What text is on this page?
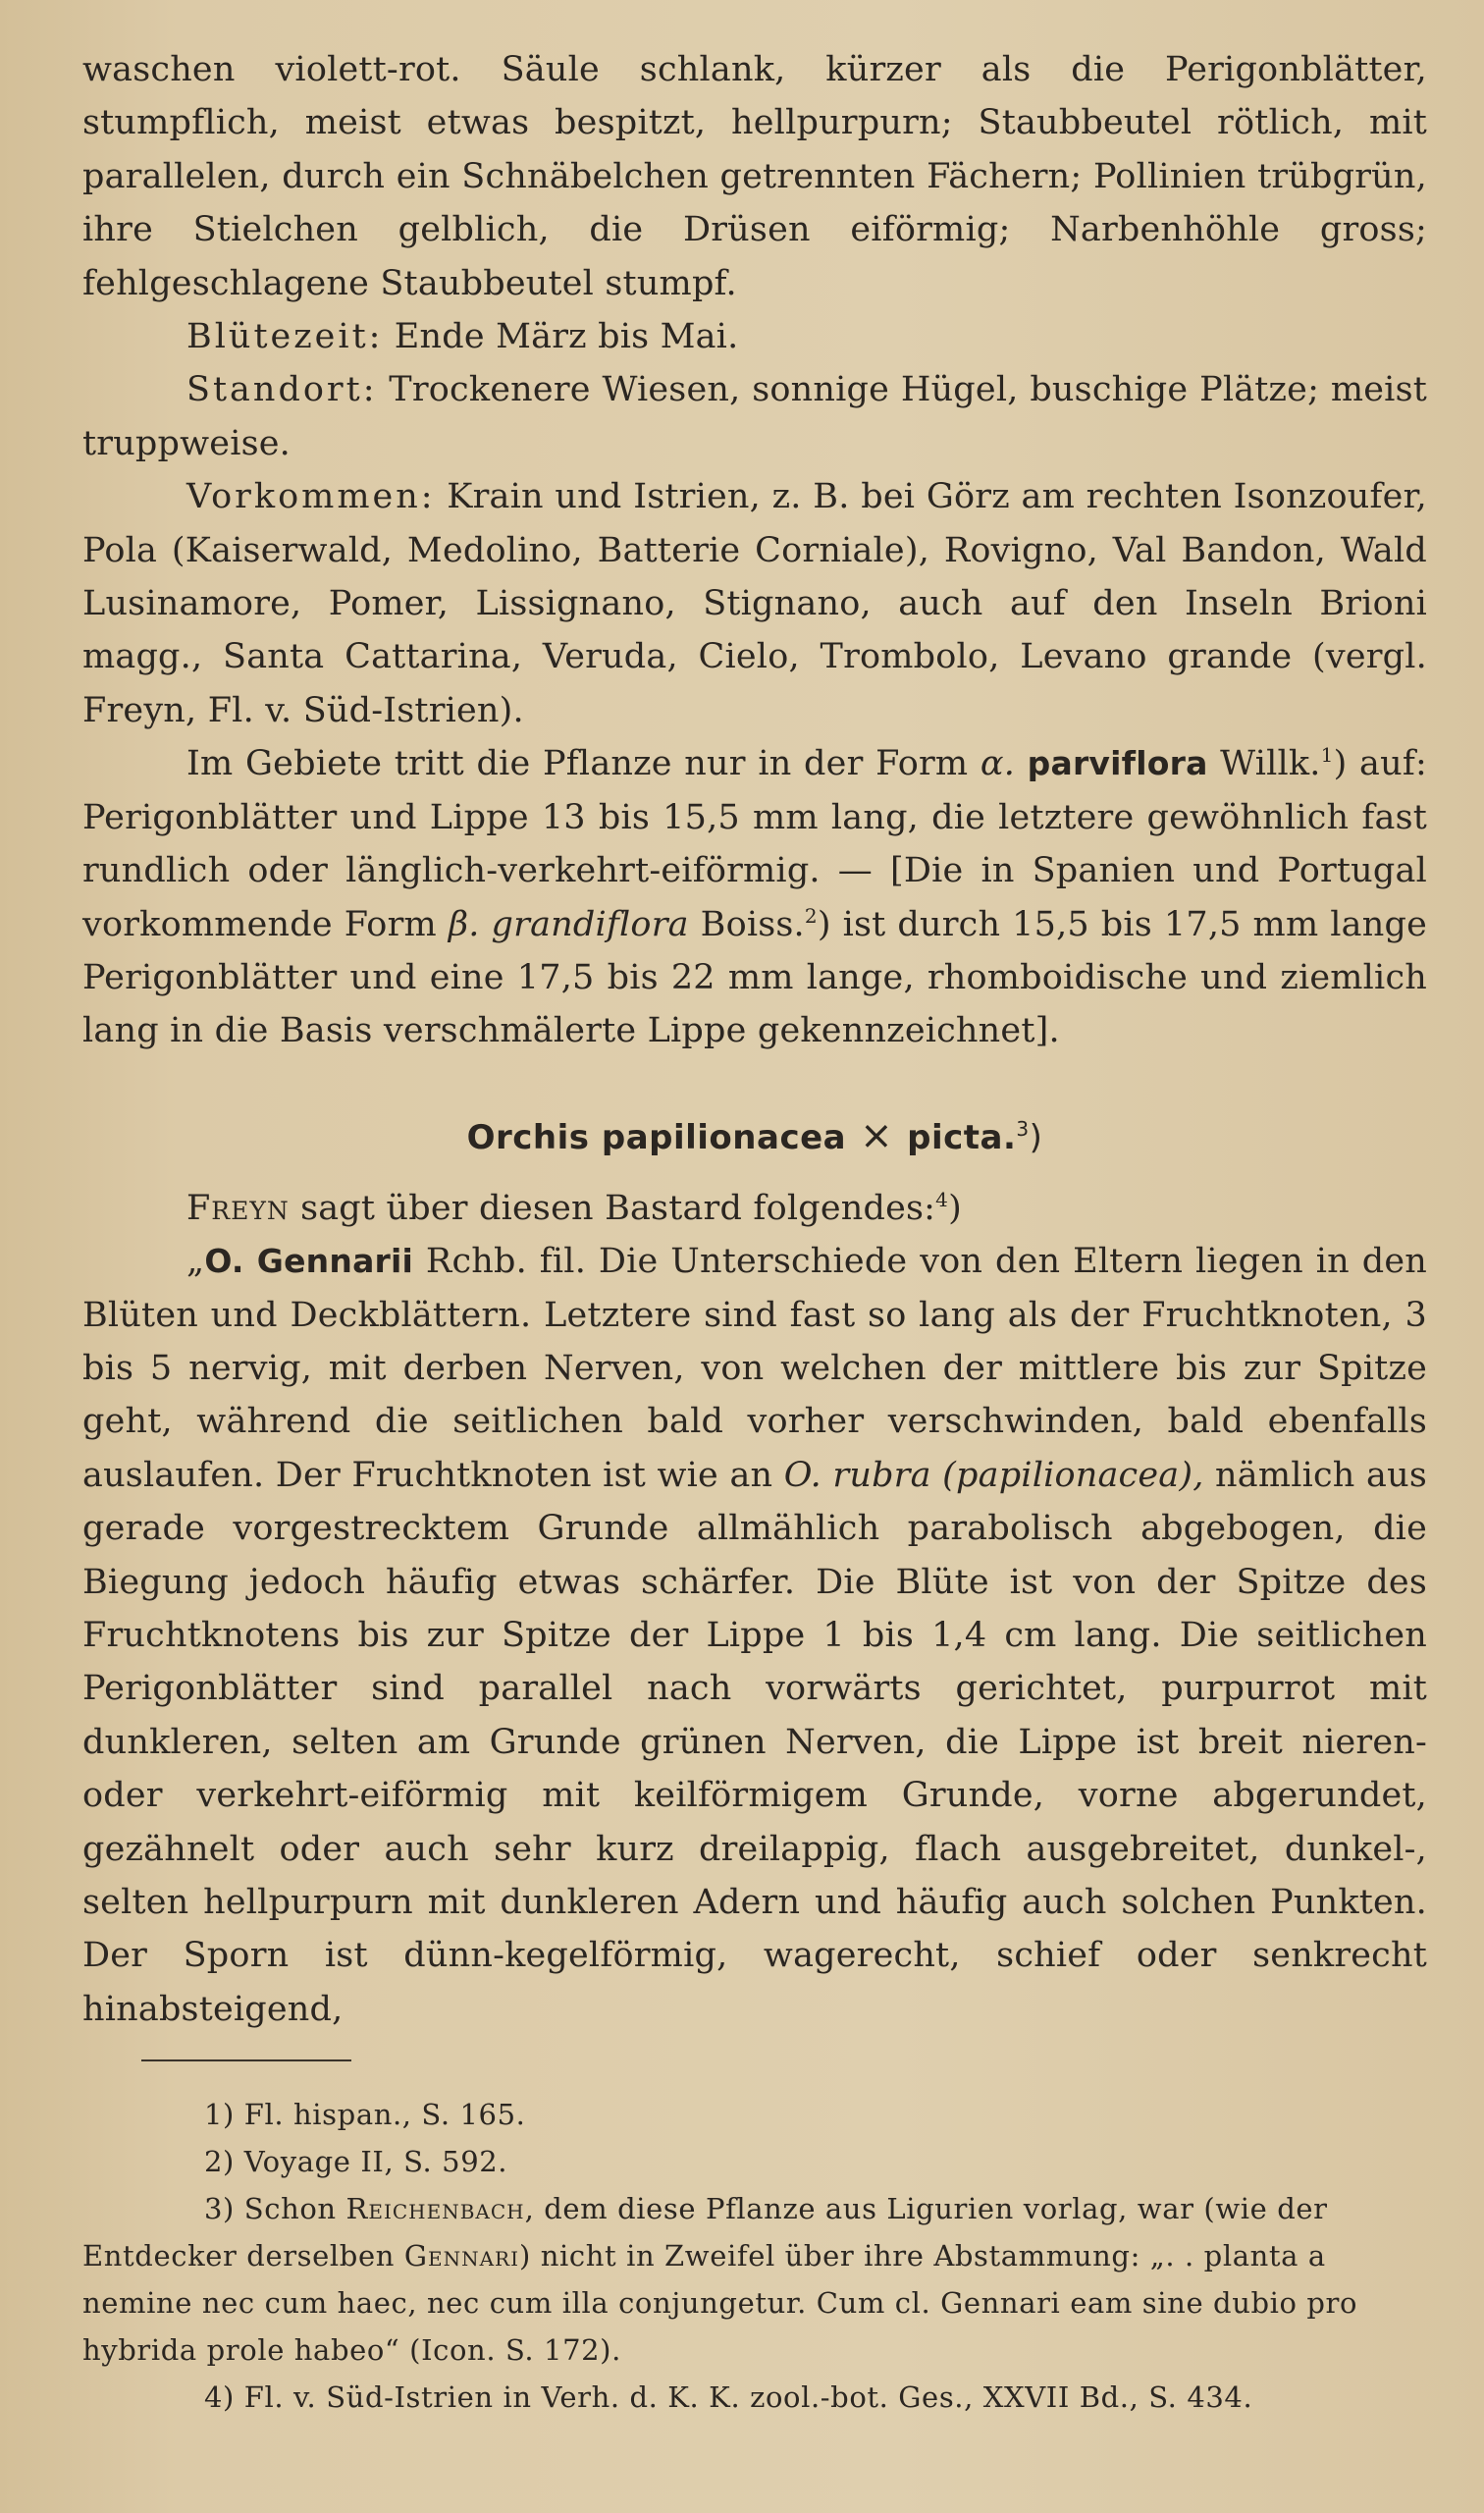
waschen violett-rot. Säule schlank, kürzer als die Perigonblätter, stumpflich, meist etwas bespitzt, hellpurpurn; Staubbeutel rötlich, mit parallelen, durch ein Schnäbelchen getrennten Fächern; Pollinien trübgrün, ihre Stielchen gelblich, die Drüsen eiförmig; Narbenhöhle gross; fehlgeschlagene Staubbeutel stumpf.

Blütezeit: Ende März bis Mai.

Standort: Trockenere Wiesen, sonnige Hügel, buschige Plätze; meist truppweise.

Vorkommen: Krain und Istrien, z. B. bei Görz am rechten Isonzoufer, Pola (Kaiserwald, Medolino, Batterie Corniale), Rovigno, Val Bandon, Wald Lusinamore, Pomer, Lissignano, Stignano, auch auf den Inseln Brioni magg., Santa Cattarina, Veruda, Cielo, Trombolo, Levano grande (vergl. Freyn, Fl. v. Süd-Istrien).

Im Gebiete tritt die Pflanze nur in der Form α. parviflora Willk.$^1$) auf: Perigonblätter und Lippe 13 bis 15,5 mm lang, die letztere gewöhnlich fast rundlich oder länglich-verkehrt-eiförmig. — [Die in Spanien und Portugal vorkommende Form β. grandiflora Boiss.$^2$) ist durch 15,5 bis 17,5 mm lange Perigonblätter und eine 17,5 bis 22 mm lange, rhomboidische und ziemlich lang in die Basis verschmälerte Lippe gekennzeichnet].

Orchis papilionacea × picta.$^3$)

Freyn sagt über diesen Bastard folgendes:$^4$)

„O. Gennarii Rchb. fil. Die Unterschiede von den Eltern liegen in den Blüten und Deckblättern. Letztere sind fast so lang als der Fruchtknoten, 3 bis 5 nervig, mit derben Nerven, von welchen der mittlere bis zur Spitze geht, während die seitlichen bald vorher verschwinden, bald ebenfalls auslaufen. Der Fruchtknoten ist wie an O. rubra (papilionacea), nämlich aus gerade vorgestrecktem Grunde allmählich parabolisch abgebogen, die Biegung jedoch häufig etwas schärfer. Die Blüte ist von der Spitze des Fruchtknotens bis zur Spitze der Lippe 1 bis 1,4 cm lang. Die seitlichen Perigonblätter sind parallel nach vorwärts gerichtet, purpurrot mit dunkleren, selten am Grunde grünen Nerven, die Lippe ist breit nieren- oder verkehrt-eiförmig mit keilförmigem Grunde, vorne abgerundet, gezähnelt oder auch sehr kurz dreilappig, flach ausgebreitet, dunkel-, selten hellpurpurn mit dunkleren Adern und häufig auch solchen Punkten. Der Sporn ist dünn-kegelförmig, wagerecht, schief oder senkrecht hinabsteigend,

1) Fl. hispan., S. 165.

2) Voyage II, S. 592.

3) Schon Reichenbach, dem diese Pflanze aus Ligurien vorlag, war (wie der Entdecker derselben Gennari) nicht in Zweifel über ihre Abstammung: „. . planta a nemine nec cum haec, nec cum illa conjungetur. Cum cl. Gennari eam sine dubio pro hybrida prole habeo“ (Icon. S. 172).

4) Fl. v. Süd-Istrien in Verh. d. K. K. zool.-bot. Ges., XXVII Bd., S. 434.
